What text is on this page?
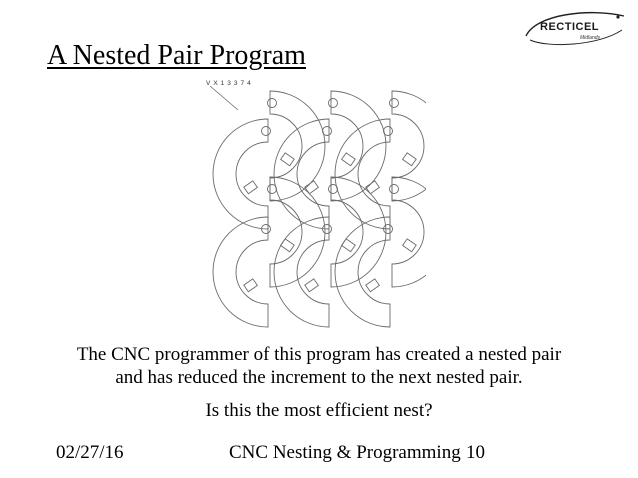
RECTICEL
Midlands
A Nested Pair Program
VX13374
The CNC programmer of this program has created a nested pair
and has reduced the increment to the next nested pair.
Is this the most efficient nest?
02/27/16	CNC Nesting & Programming 10
